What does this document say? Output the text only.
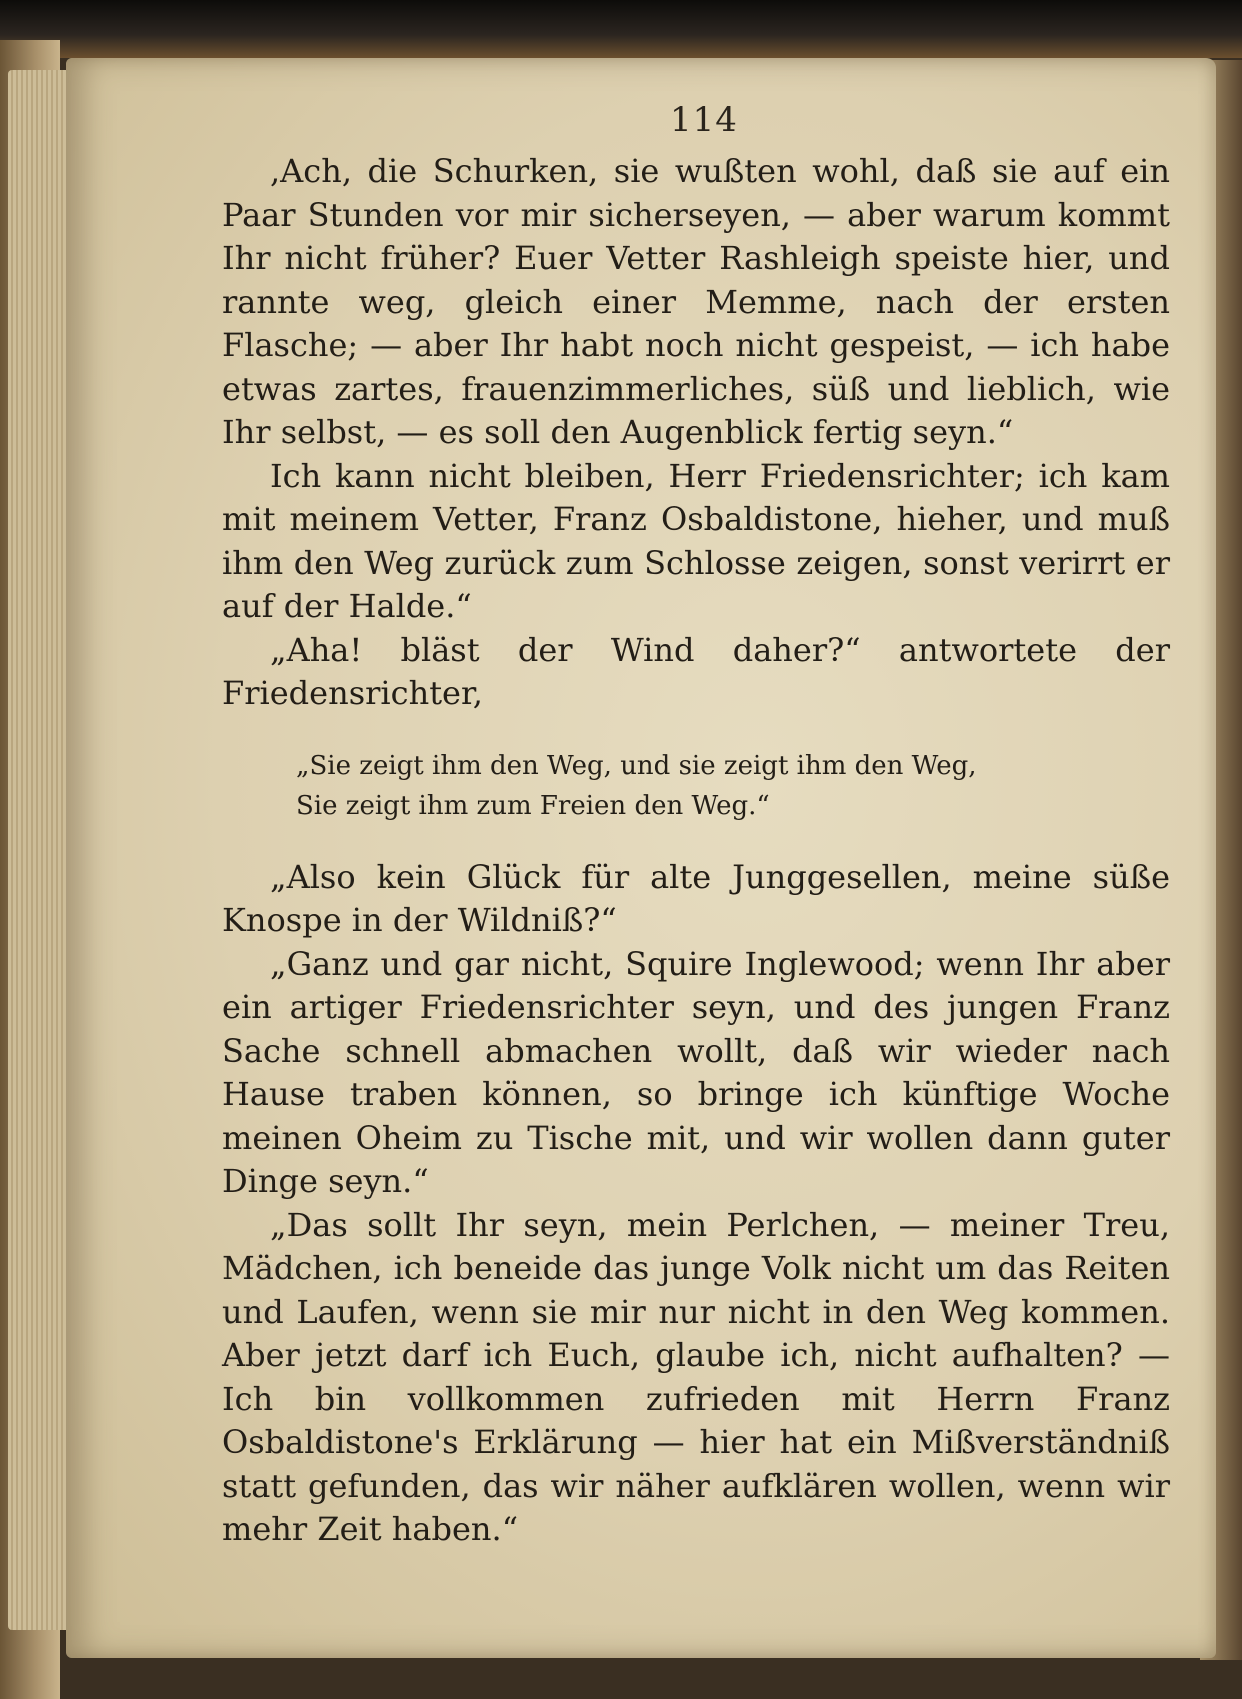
114

,Ach, die Schurken, sie wußten wohl, daß sie auf ein Paar Stunden vor mir sicherseyen, — aber warum kommt Ihr nicht früher? Euer Vetter Rashleigh speiste hier, und rannte weg, gleich einer Memme, nach der ersten Flasche; — aber Ihr habt noch nicht gespeist, — ich habe etwas zartes, frauenzimmerliches, süß und lieblich, wie Ihr selbst, — es soll den Augenblick fertig seyn.“

Ich kann nicht bleiben, Herr Friedensrichter; ich kam mit meinem Vetter, Franz Osbaldistone, hieher, und muß ihm den Weg zurück zum Schlosse zeigen, sonst verirrt er auf der Halde.“

„Aha! bläst der Wind daher?“ antwortete der Friedensrichter,

„Sie zeigt ihm den Weg, und sie zeigt ihm den Weg,
Sie zeigt ihm zum Freien den Weg.“

„Also kein Glück für alte Junggesellen, meine süße Knospe in der Wildniß?“

„Ganz und gar nicht, Squire Inglewood; wenn Ihr aber ein artiger Friedensrichter seyn, und des jungen Franz Sache schnell abmachen wollt, daß wir wieder nach Hause traben können, so bringe ich künftige Woche meinen Oheim zu Tische mit, und wir wollen dann guter Dinge seyn.“

„Das sollt Ihr seyn, mein Perlchen, — meiner Treu, Mädchen, ich beneide das junge Volk nicht um das Reiten und Laufen, wenn sie mir nur nicht in den Weg kommen. Aber jetzt darf ich Euch, glaube ich, nicht aufhalten? — Ich bin vollkommen zufrieden mit Herrn Franz Osbaldistone's Erklärung — hier hat ein Mißverständniß statt gefunden, das wir näher aufklären wollen, wenn wir mehr Zeit haben.“
